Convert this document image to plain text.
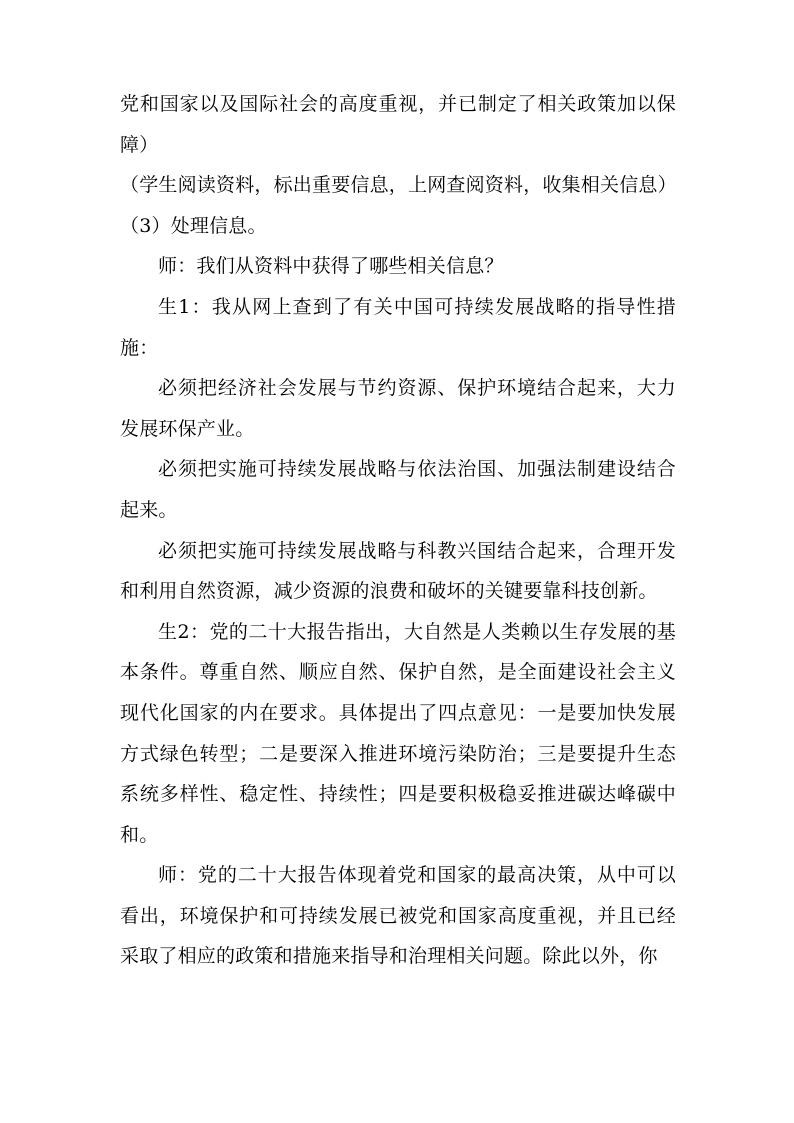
党和国家以及国际社会的高度重视，并已制定了相关政策加以保障）

（学生阅读资料，标出重要信息，上网查阅资料，收集相关信息）

（3）处理信息。

师：我们从资料中获得了哪些相关信息？

生1：我从网上查到了有关中国可持续发展战略的指导性措施：

必须把经济社会发展与节约资源、保护环境结合起来，大力发展环保产业。

必须把实施可持续发展战略与依法治国、加强法制建设结合起来。

必须把实施可持续发展战略与科教兴国结合起来，合理开发和利用自然资源，减少资源的浪费和破坏的关键要靠科技创新。

生2：党的二十大报告指出，大自然是人类赖以生存发展的基本条件。尊重自然、顺应自然、保护自然，是全面建设社会主义现代化国家的内在要求。具体提出了四点意见：一是要加快发展方式绿色转型；二是要深入推进环境污染防治；三是要提升生态系统多样性、稳定性、持续性；四是要积极稳妥推进碳达峰碳中和。

师：党的二十大报告体现着党和国家的最高决策，从中可以看出，环境保护和可持续发展已被党和国家高度重视，并且已经采取了相应的政策和措施来指导和治理相关问题。除此以外，你
